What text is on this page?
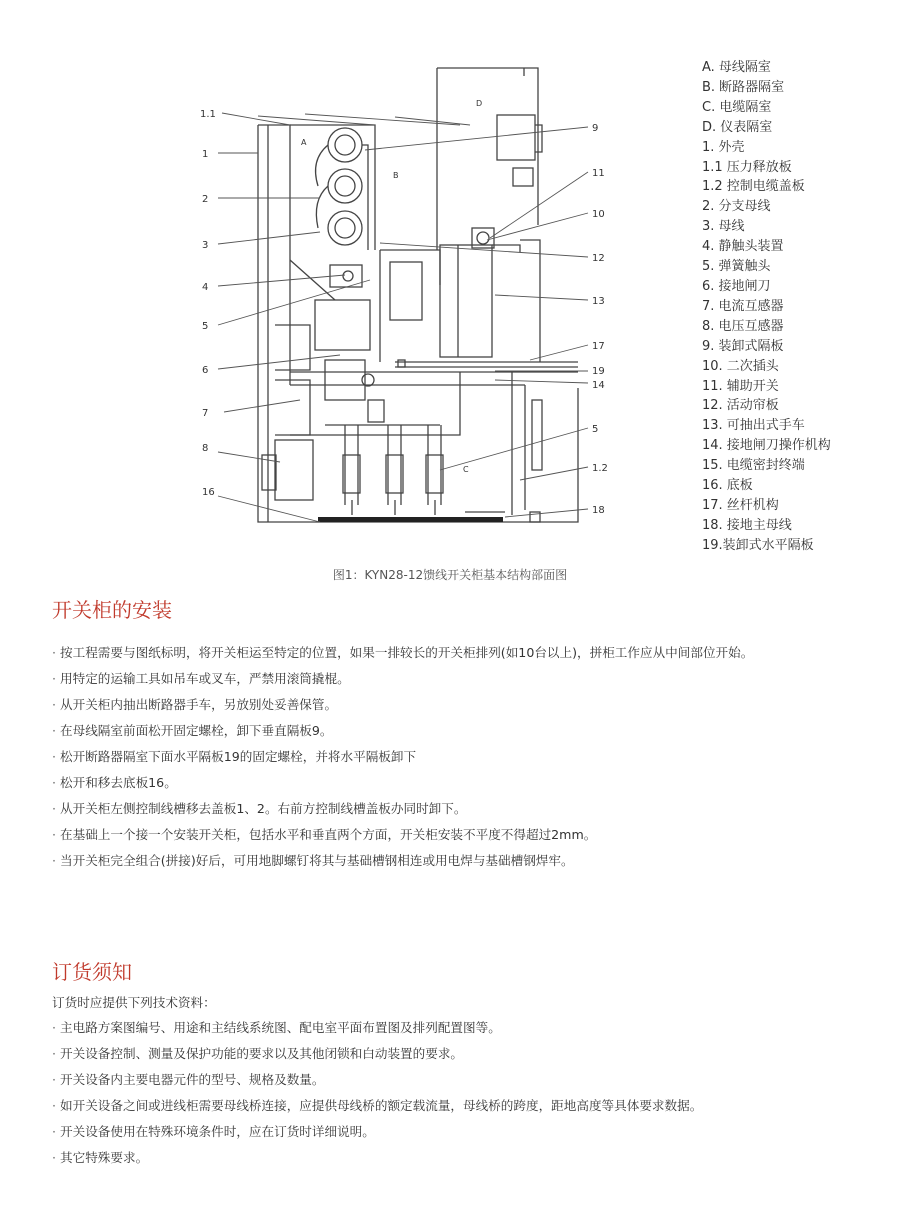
1.1
1
2
3
4
5
6
7
8
16
9
11
10
12
13
17
19
14
5
1.2
18
A
B
C
D
A. 母线隔室
B. 断路器隔室
C. 电缆隔室
D. 仪表隔室
1. 外壳
1.1 压力释放板
1.2 控制电缆盖板
2. 分支母线
3. 母线
4. 静触头装置
5. 弹簧触头
6. 接地闸刀
7. 电流互感器
8. 电压互感器
9. 装卸式隔板
10. 二次插头
11. 辅助开关
12. 活动帘板
13. 可抽出式手车
14. 接地闸刀操作机构
15. 电缆密封终端
16. 底板
17. 丝杆机构
18. 接地主母线
19.装卸式水平隔板
图1：KYN28-12馈线开关柜基本结构部面图
开关柜的安装
· 按工程需要与图纸标明，将开关柜运至特定的位置，如果一排较长的开关柜排列(如10台以上)，拼柜工作应从中间部位开始。
· 用特定的运输工具如吊车或叉车，严禁用滚筒撬棍。
· 从开关柜内抽出断路器手车，另放别处妥善保管。
· 在母线隔室前面松开固定螺栓，卸下垂直隔板9。
· 松开断路器隔室下面水平隔板19的固定螺栓，并将水平隔板卸下
· 松开和移去底板16。
· 从开关柜左侧控制线槽移去盖板1、2。右前方控制线槽盖板办同时卸下。
· 在基础上一个接一个安装开关柜，包括水平和垂直两个方面，开关柜安装不平度不得超过2mm。
· 当开关柜完全组合(拼接)好后，可用地脚螺钉将其与基础槽钢相连或用电焊与基础槽钢焊牢。
订货须知
订货时应提供下列技术资料：
· 主电路方案图编号、用途和主结线系统图、配电室平面布置图及排列配置图等。
· 开关设备控制、测量及保护功能的要求以及其他闭锁和白动装置的要求。
· 开关设备内主要电器元件的型号、规格及数量。
· 如开关设备之间或进线柜需要母线桥连接，应提供母线桥的额定载流量，母线桥的跨度，距地高度等具体要求数据。
· 开关设备使用在特殊环境条件时，应在订货时详细说明。
· 其它特殊要求。
